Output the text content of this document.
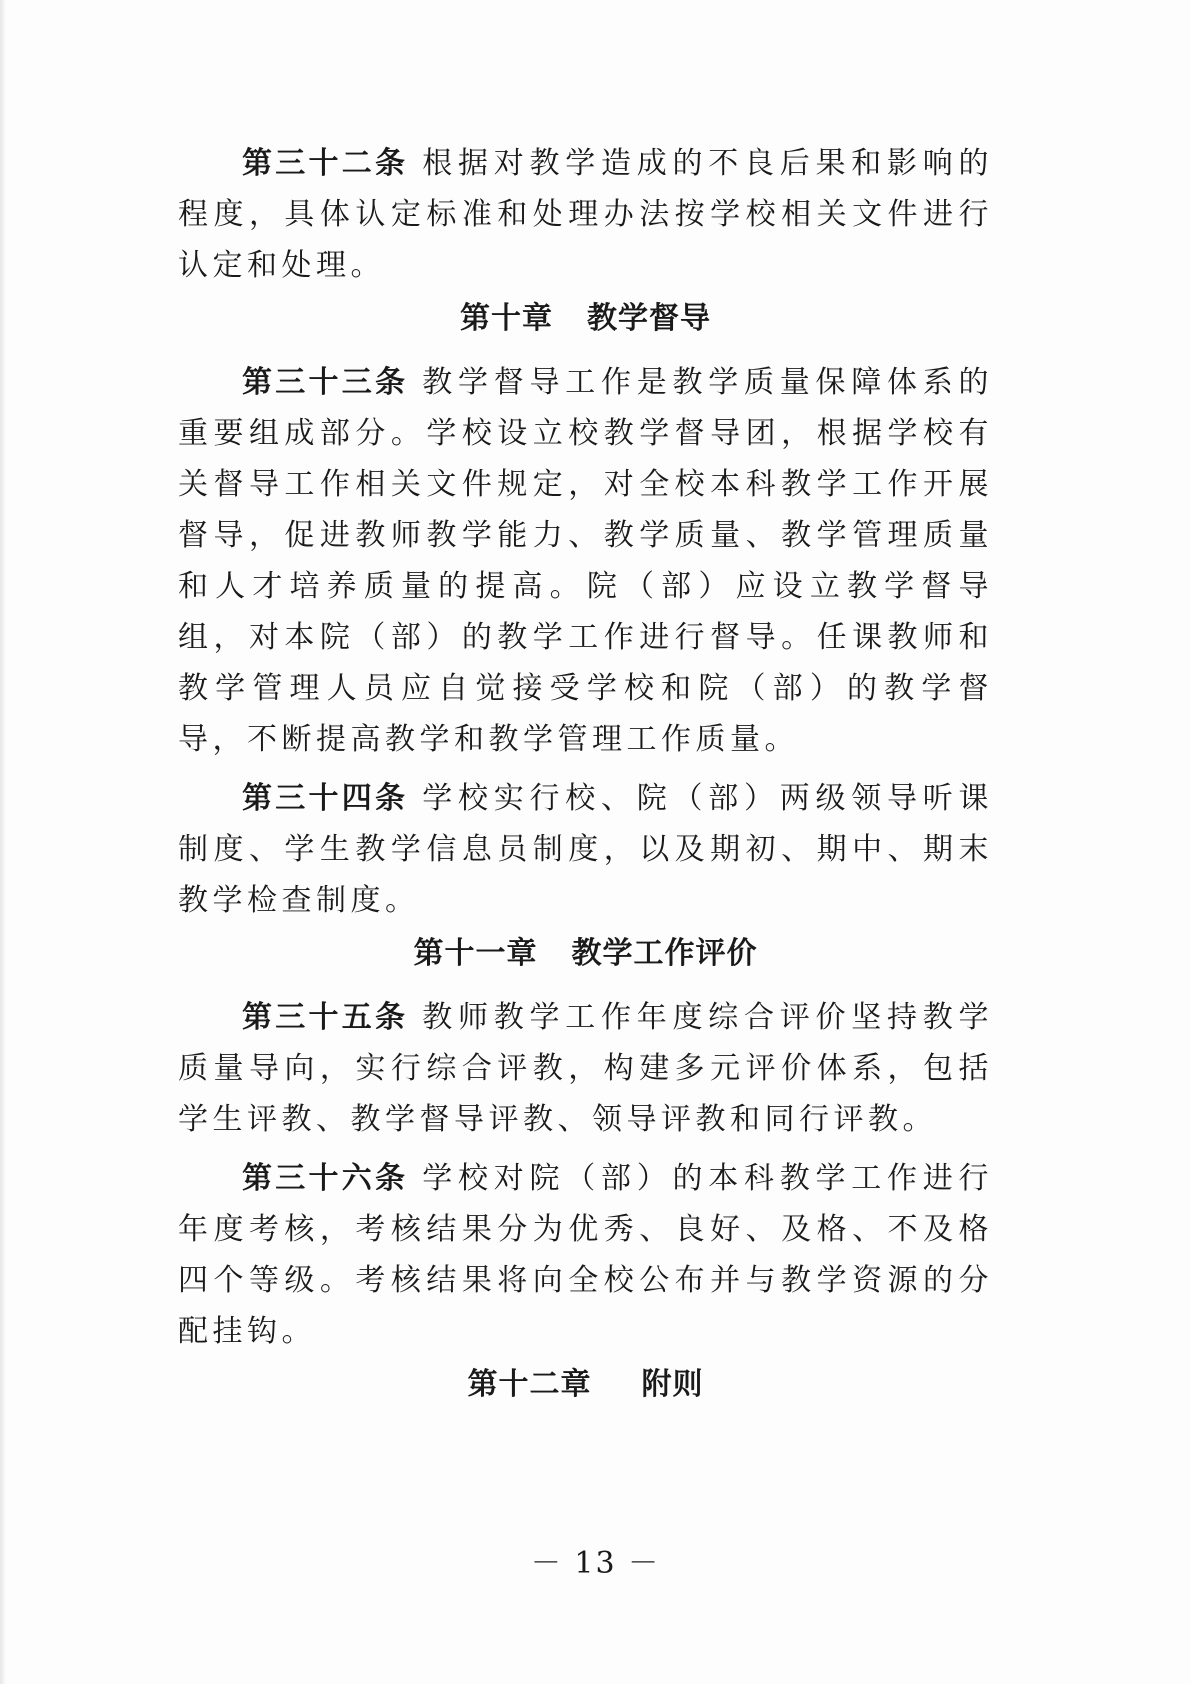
第三十二条 根据对教学造成的不良后果和影响的程度，具体认定标准和处理办法按学校相关文件进行认定和处理。

第十章 教学督导

第三十三条 教学督导工作是教学质量保障体系的重要组成部分。学校设立校教学督导团，根据学校有关督导工作相关文件规定，对全校本科教学工作开展督导，促进教师教学能力、教学质量、教学管理质量和人才培养质量的提高。院（部）应设立教学督导组，对本院（部）的教学工作进行督导。任课教师和教学管理人员应自觉接受学校和院（部）的教学督导，不断提高教学和教学管理工作质量。

第三十四条 学校实行校、院（部）两级领导听课制度、学生教学信息员制度，以及期初、期中、期末教学检查制度。

第十一章 教学工作评价

第三十五条 教师教学工作年度综合评价坚持教学质量导向，实行综合评教，构建多元评价体系，包括学生评教、教学督导评教、领导评教和同行评教。

第三十六条 学校对院（部）的本科教学工作进行年度考核，考核结果分为优秀、良好、及格、不及格四个等级。考核结果将向全校公布并与教学资源的分配挂钩。

第十二章 附则
－ 13 －
